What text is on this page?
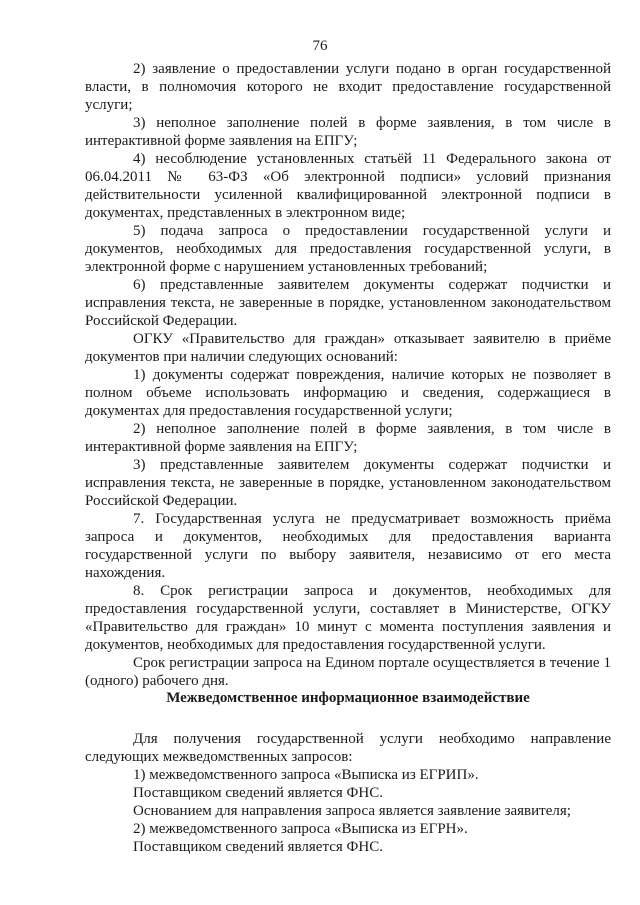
76

2) заявление о предоставлении услуги подано в орган государственной власти, в полномочия которого не входит предоставление государственной услуги;

3) неполное заполнение полей в форме заявления, в том числе в интерактивной форме заявления на ЕПГУ;

4) несоблюдение установленных статьёй 11 Федерального закона от 06.04.2011 № 63-ФЗ «Об электронной подписи» условий признания действительности усиленной квалифицированной электронной подписи в документах, представленных в электронном виде;

5) подача запроса о предоставлении государственной услуги и документов, необходимых для предоставления государственной услуги, в электронной форме с нарушением установленных требований;

6) представленные заявителем документы содержат подчистки и исправления текста, не заверенные в порядке, установленном законодательством Российской Федерации.

ОГКУ «Правительство для граждан» отказывает заявителю в приёме документов при наличии следующих оснований:

1) документы содержат повреждения, наличие которых не позволяет в полном объеме использовать информацию и сведения, содержащиеся в документах для предоставления государственной услуги;

2) неполное заполнение полей в форме заявления, в том числе в интерактивной форме заявления на ЕПГУ;

3) представленные заявителем документы содержат подчистки и исправления текста, не заверенные в порядке, установленном законодательством Российской Федерации.

7. Государственная услуга не предусматривает возможность приёма запроса и документов, необходимых для предоставления варианта государственной услуги по выбору заявителя, независимо от его места нахождения.

8. Срок регистрации запроса и документов, необходимых для предоставления государственной услуги, составляет в Министерстве, ОГКУ «Правительство для граждан» 10 минут с момента поступления заявления и документов, необходимых для предоставления государственной услуги.

Срок регистрации запроса на Едином портале осуществляется в течение 1 (одного) рабочего дня.

Межведомственное информационное взаимодействие

Для получения государственной услуги необходимо направление следующих межведомственных запросов:

1) межведомственного запроса «Выписка из ЕГРИП».

Поставщиком сведений является ФНС.

Основанием для направления запроса является заявление заявителя;

2) межведомственного запроса «Выписка из ЕГРН».

Поставщиком сведений является ФНС.
